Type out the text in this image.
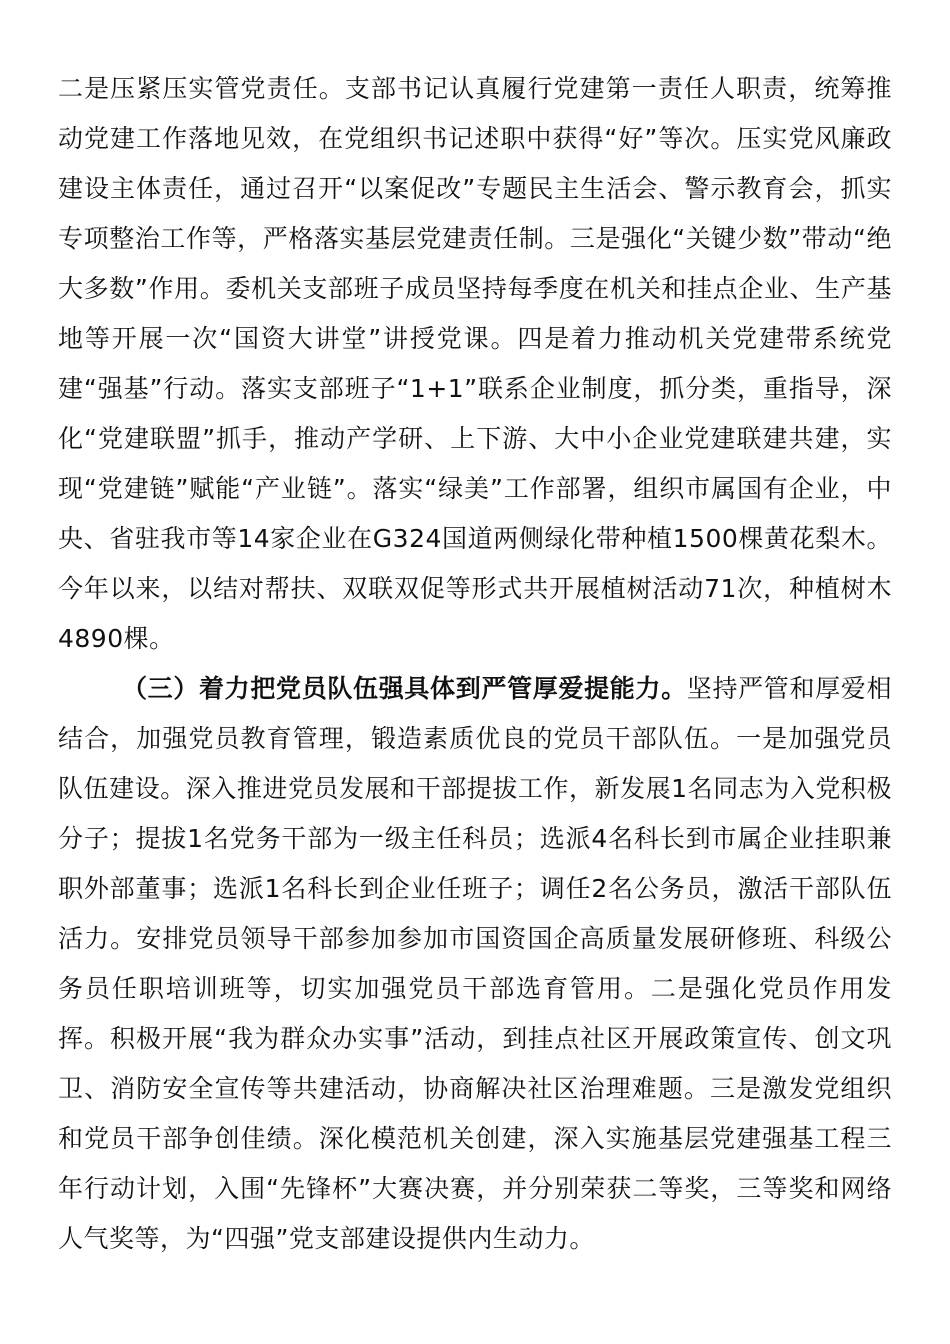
二是压紧压实管党责任。支部书记认真履行党建第一责任人职责，统筹推动党建工作落地见效，在党组织书记述职中获得“好”等次。压实党风廉政建设主体责任，通过召开“以案促改”专题民主生活会、警示教育会，抓实专项整治工作等，严格落实基层党建责任制。三是强化“关键少数”带动“绝大多数”作用。委机关支部班子成员坚持每季度在机关和挂点企业、生产基地等开展一次“国资大讲堂”讲授党课。四是着力推动机关党建带系统党建“强基”行动。落实支部班子“1+1”联系企业制度，抓分类，重指导，深化“党建联盟”抓手，推动产学研、上下游、大中小企业党建联建共建，实现“党建链”赋能“产业链”。落实“绿美”工作部署，组织市属国有企业，中央、省驻我市等14家企业在G324国道两侧绿化带种植1500棵黄花梨木。今年以来，以结对帮扶、双联双促等形式共开展植树活动71次，种植树木4890棵。

（三）着力把党员队伍强具体到严管厚爱提能力。坚持严管和厚爱相结合，加强党员教育管理，锻造素质优良的党员干部队伍。一是加强党员队伍建设。深入推进党员发展和干部提拔工作，新发展1名同志为入党积极分子；提拔1名党务干部为一级主任科员；选派4名科长到市属企业挂职兼职外部董事；选派1名科长到企业任班子；调任2名公务员，激活干部队伍活力。安排党员领导干部参加参加市国资国企高质量发展研修班、科级公务员任职培训班等，切实加强党员干部选育管用。二是强化党员作用发挥。积极开展“我为群众办实事”活动，到挂点社区开展政策宣传、创文巩卫、消防安全宣传等共建活动，协商解决社区治理难题。三是激发党组织和党员干部争创佳绩。深化模范机关创建，深入实施基层党建强基工程三年行动计划，入围“先锋杯”大赛决赛，并分别荣获二等奖，三等奖和网络人气奖等，为“四强”党支部建设提供内生动力。
